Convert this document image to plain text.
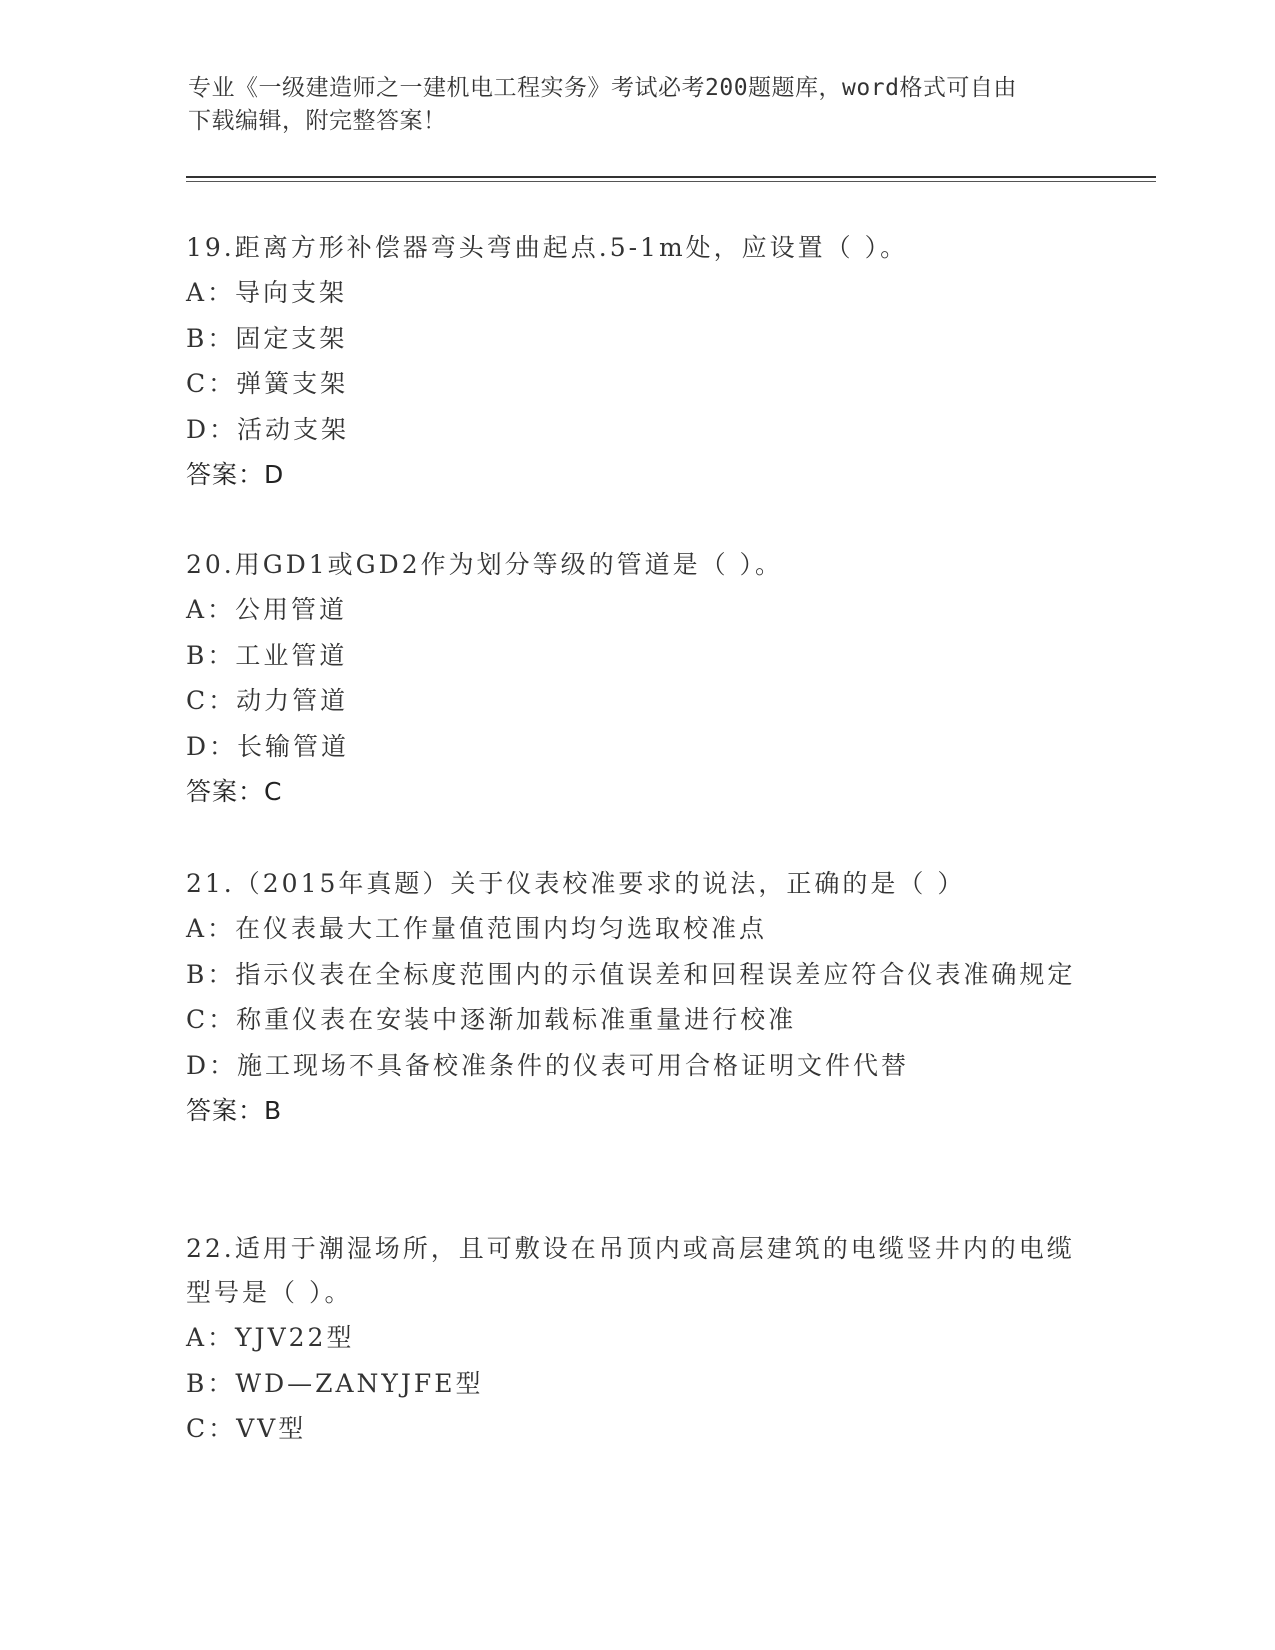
专业《一级建造师之一建机电工程实务》考试必考200题题库，word格式可自由
下载编辑，附完整答案！

19.距离方形补偿器弯头弯曲起点.5-1m处，应设置（ ）。

A：导向支架

B：固定支架

C：弹簧支架

D：活动支架

答案：D

20.用GD1或GD2作为划分等级的管道是（ ）。

A：公用管道

B：工业管道

C：动力管道

D：长输管道

答案：C

21.（2015年真题）关于仪表校准要求的说法，正确的是（ ）

A：在仪表最大工作量值范围内均匀选取校准点

B：指示仪表在全标度范围内的示值误差和回程误差应符合仪表准确规定

C：称重仪表在安装中逐渐加载标准重量进行校准

D：施工现场不具备校准条件的仪表可用合格证明文件代替

答案：B

22.适用于潮湿场所，且可敷设在吊顶内或高层建筑的电缆竖井内的电缆型号是（ ）。

A：YJV22型

B：WD—ZANYJFE型

C：VV型
